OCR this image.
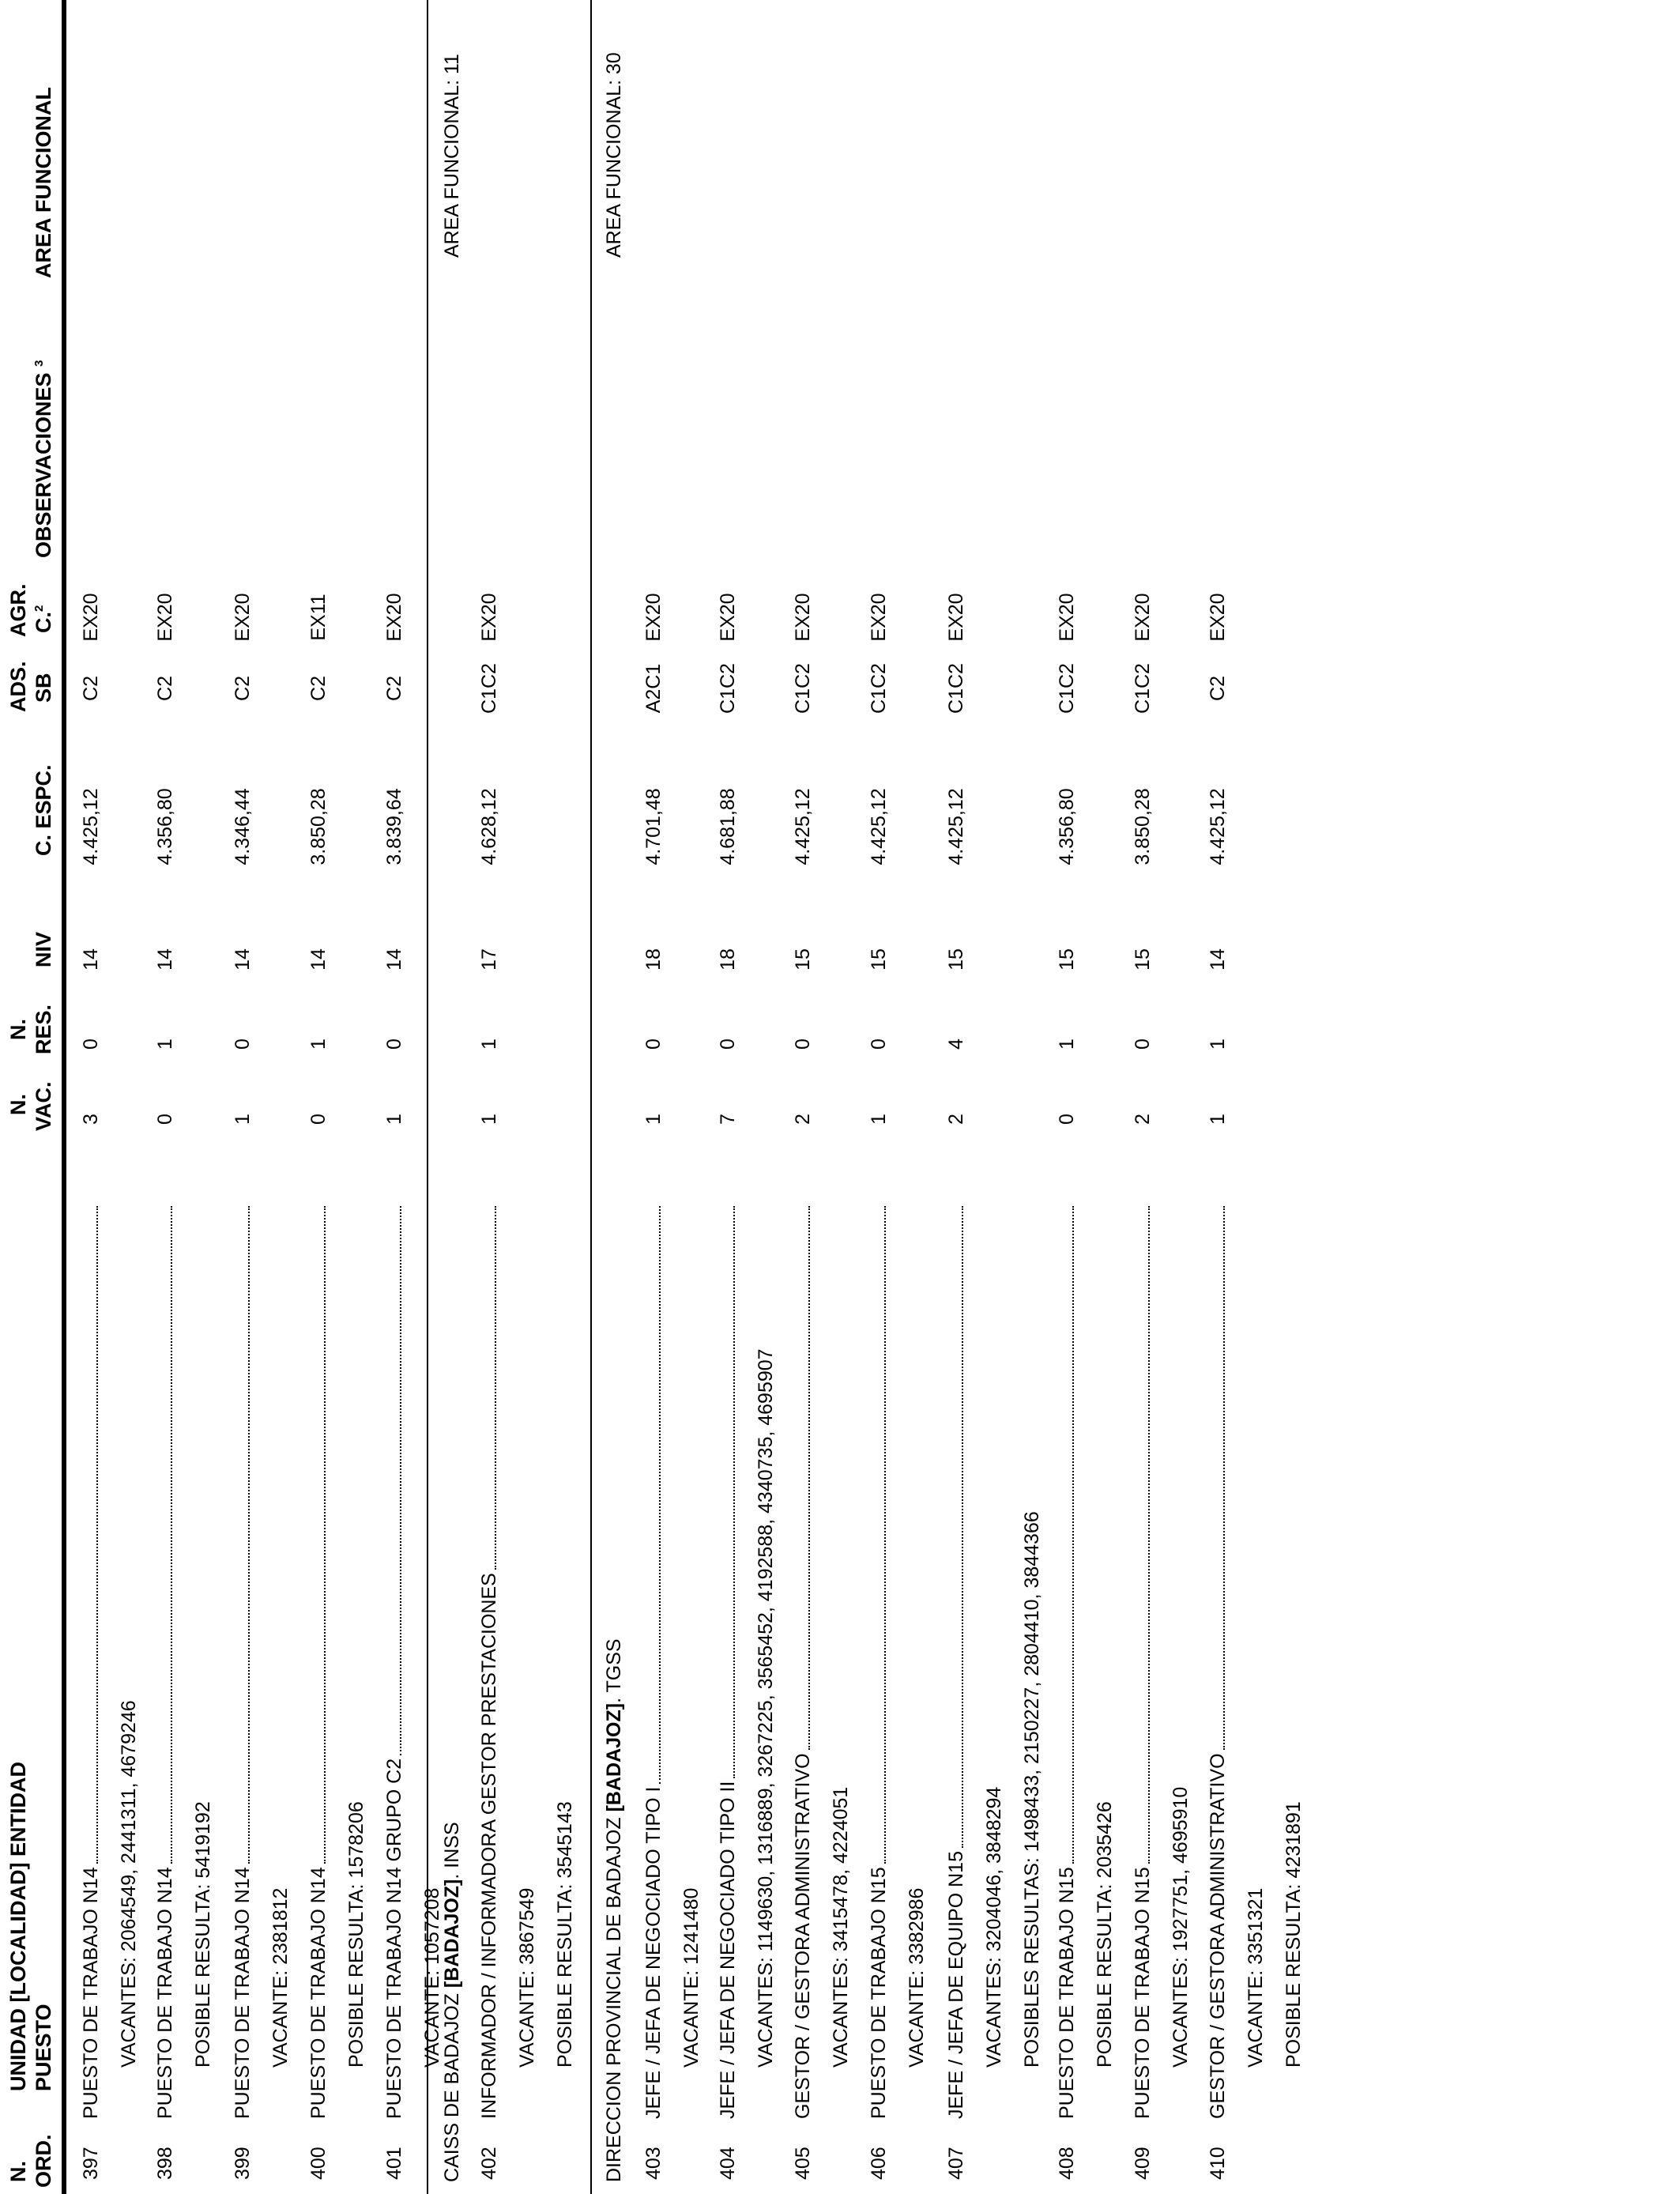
N. ORD.
UNIDAD [LOCALIDAD] ENTIDAD PUESTO
N. VAC.
N. RES.
NIV
C. ESPC.
ADS. SB
AGR. C.$^2$
OBSERVACIONES $^3$
AREA FUNCIONAL
CAISS DE BADAJOZ [BADAJOZ]. INSS
AREA FUNCIONAL: 11
DIRECCION PROVINCIAL DE BADAJOZ [BADAJOZ]. TGSS
AREA FUNCIONAL: 30
397
PUESTO DE TRABAJO N14
3
0
14
4.425,12
C2
EX20
VACANTES: 2064549, 2441311, 4679246
398
PUESTO DE TRABAJO N14
0
1
14
4.356,80
C2
EX20
POSIBLE RESULTA: 5419192
399
PUESTO DE TRABAJO N14
1
0
14
4.346,44
C2
EX20
VACANTE: 2381812
400
PUESTO DE TRABAJO N14
0
1
14
3.850,28
C2
EX11
POSIBLE RESULTA: 1578206
401
PUESTO DE TRABAJO N14 GRUPO C2
1
0
14
3.839,64
C2
EX20
VACANTE: 1057208
402
INFORMADOR / INFORMADORA GESTOR PRESTACIONES
1
1
17
4.628,12
C1C2
EX20
VACANTE: 3867549 POSIBLE RESULTA: 3545143
403
JEFE / JEFA DE NEGOCIADO TIPO I
1
0
18
4.701,48
A2C1
EX20
VACANTE: 1241480
404
JEFE / JEFA DE NEGOCIADO TIPO II
7
0
18
4.681,88
C1C2
EX20
VACANTES: 1149630, 1316889, 3267225, 3565452, 4192588, 4340735, 4695907
405
GESTOR / GESTORA ADMINISTRATIVO
2
0
15
4.425,12
C1C2
EX20
VACANTES: 3415478, 4224051
406
PUESTO DE TRABAJO N15
1
0
15
4.425,12
C1C2
EX20
VACANTE: 3382986
407
JEFE / JEFA DE EQUIPO N15
2
4
15
4.425,12
C1C2
EX20
VACANTES: 3204046, 3848294 POSIBLES RESULTAS: 1498433, 2150227, 2804410, 3844366
408
PUESTO DE TRABAJO N15
0
1
15
4.356,80
C1C2
EX20
POSIBLE RESULTA: 2035426
409
PUESTO DE TRABAJO N15
2
0
15
3.850,28
C1C2
EX20
VACANTES: 1927751, 4695910
410
GESTOR / GESTORA ADMINISTRATIVO
1
1
14
4.425,12
C2
EX20
VACANTE: 3351321 POSIBLE RESULTA: 4231891
